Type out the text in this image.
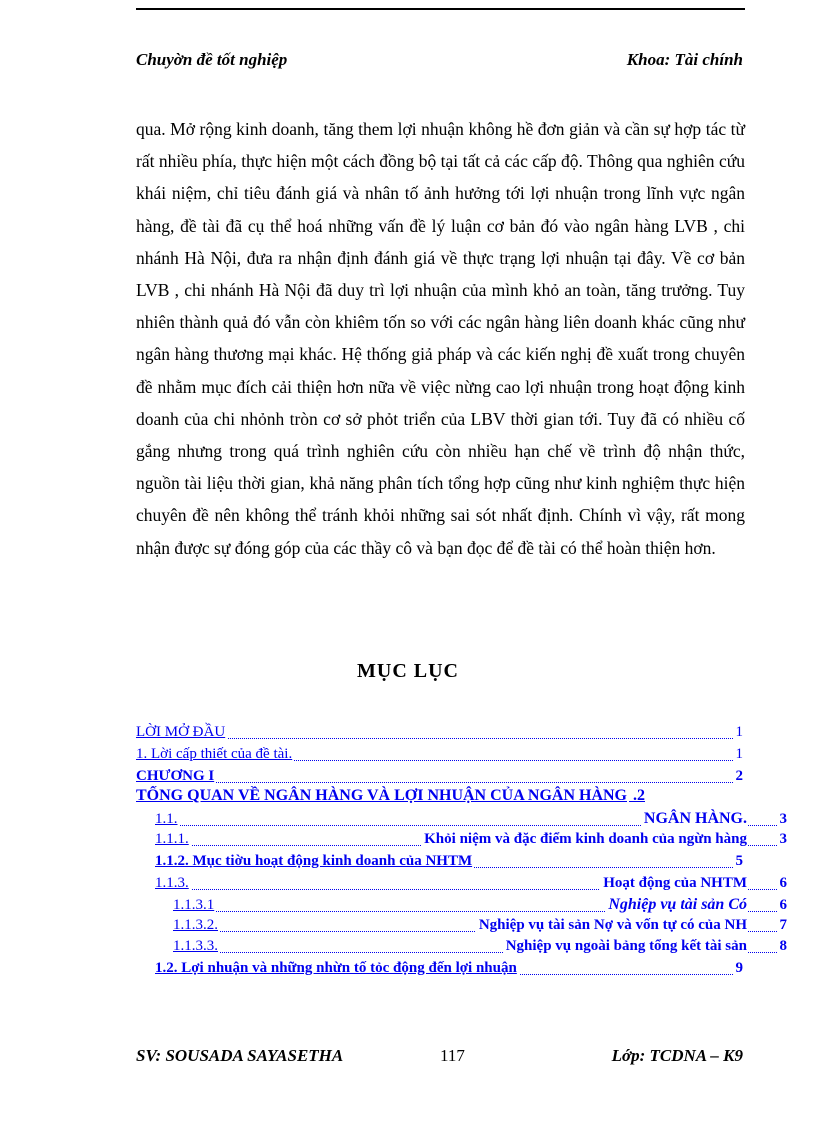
Chuyờn đề tốt nghiệp	Khoa: Tài chính

qua. Mở rộng kinh doanh, tăng them lợi nhuận không hề đơn giản và cần sự hợp tác từ rất nhiều phía, thực hiện một cách đồng bộ tại tất cả các cấp độ. Thông qua nghiên cứu khái niệm, chỉ tiêu đánh giá và nhân tố ảnh hưởng tới lợi nhuận trong lĩnh vực ngân hàng, đề tài đã cụ thể hoá những vấn đề lý luận cơ bản đó vào ngân hàng LVB , chi nhánh Hà Nội, đưa ra nhận định đánh giá về thực trạng lợi nhuận tại đây. Về cơ bản LVB , chi nhánh Hà Nội đã duy trì lợi nhuận của mình khỏ an toàn, tăng trưởng. Tuy nhiên thành quả đó vẫn còn khiêm tốn so với các ngân hàng liên doanh khác cũng như ngân hàng thương mại khác. Hệ thống giả pháp và các kiến nghị đề xuất trong chuyên đề nhằm mục đích cải thiện hơn nữa về việc nừng cao lợi nhuận trong hoạt động kinh doanh của chi nhỏnh tròn cơ sở phỏt triển của LBV thời gian tới. Tuy đã có nhiều cố gắng nhưng trong quá trình nghiên cứu còn nhiều hạn chế về trình độ nhận thức, nguồn tài liệu thời gian, khả năng phân tích tổng hợp cũng như kinh nghiệm thực hiện chuyên đề nên không thể tránh khỏi những sai sót nhất định. Chính vì vậy, rất mong nhận được sự đóng góp của các thầy cô và bạn đọc để đề tài có thể hoàn thiện hơn.

MỤC LỤC
LỜI MỞ ĐẦU	1
1. Lời cấp thiết của đề tài.	1
CHƯƠNG I	2
TỔNG QUAN VỀ NGÂN HÀNG VÀ LỢI NHUẬN CỦA NGÂN HÀNG .2
1.1.	NGÂN HÀNG. 3
1.1.1.	Khỏi niệm và đặc điểm kinh doanh của ngừn hàng 3
1.1.2. Mục tiờu hoạt động kinh doanh của NHTM	5
1.1.3.	Hoạt động của NHTM 6
1.1.3.1	Nghiệp vụ tài sản Có 6
1.1.3.2.	Nghiệp vụ tài sản Nợ và vốn tự có của NH 7
1.1.3.3.	Nghiệp vụ ngoài bảng tổng kết tài sản 8
1.2. Lợi nhuận và những nhừn tố tỏc động đến lợi nhuận	9
SV: SOUSADA SAYASETHA	117	Lớp: TCDNA – K9
